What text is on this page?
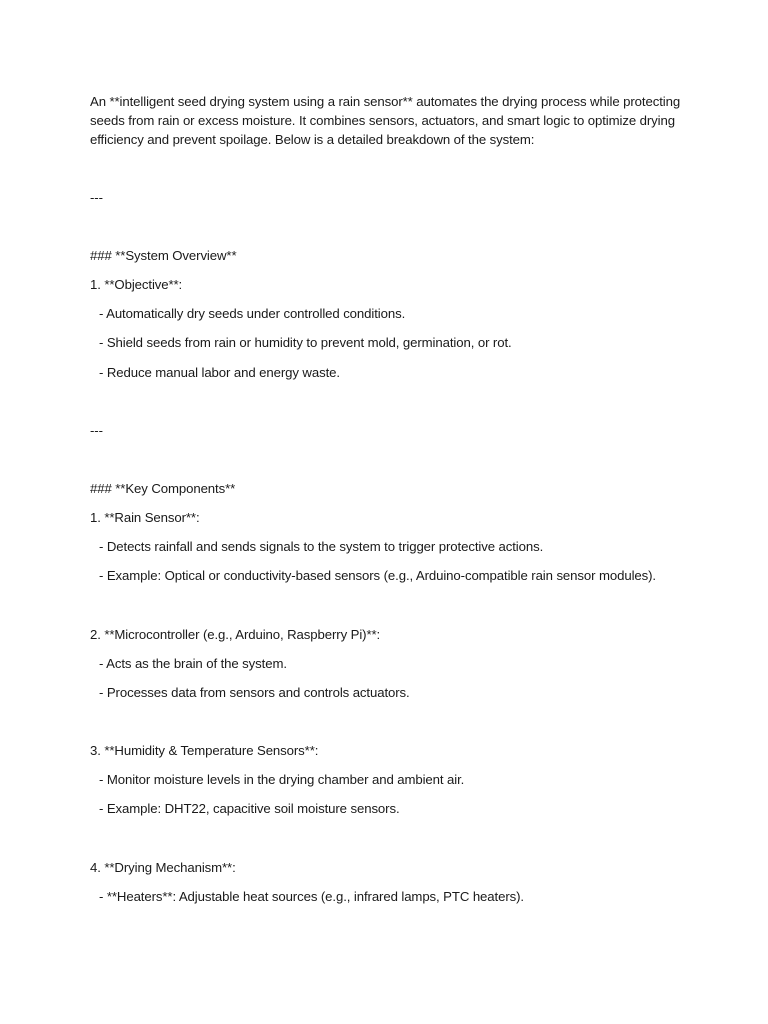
An **intelligent seed drying system using a rain sensor** automates the drying process while protecting
seeds from rain or excess moisture. It combines sensors, actuators, and smart logic to optimize drying
efficiency and prevent spoilage. Below is a detailed breakdown of the system:
---
### **System Overview**
1. **Objective**:
- Automatically dry seeds under controlled conditions.
- Shield seeds from rain or humidity to prevent mold, germination, or rot.
- Reduce manual labor and energy waste.
---
### **Key Components**
1. **Rain Sensor**:
- Detects rainfall and sends signals to the system to trigger protective actions.
- Example: Optical or conductivity-based sensors (e.g., Arduino-compatible rain sensor modules).
2. **Microcontroller (e.g., Arduino, Raspberry Pi)**:
- Acts as the brain of the system.
- Processes data from sensors and controls actuators.
3. **Humidity & Temperature Sensors**:
- Monitor moisture levels in the drying chamber and ambient air.
- Example: DHT22, capacitive soil moisture sensors.
4. **Drying Mechanism**:
- **Heaters**: Adjustable heat sources (e.g., infrared lamps, PTC heaters).
